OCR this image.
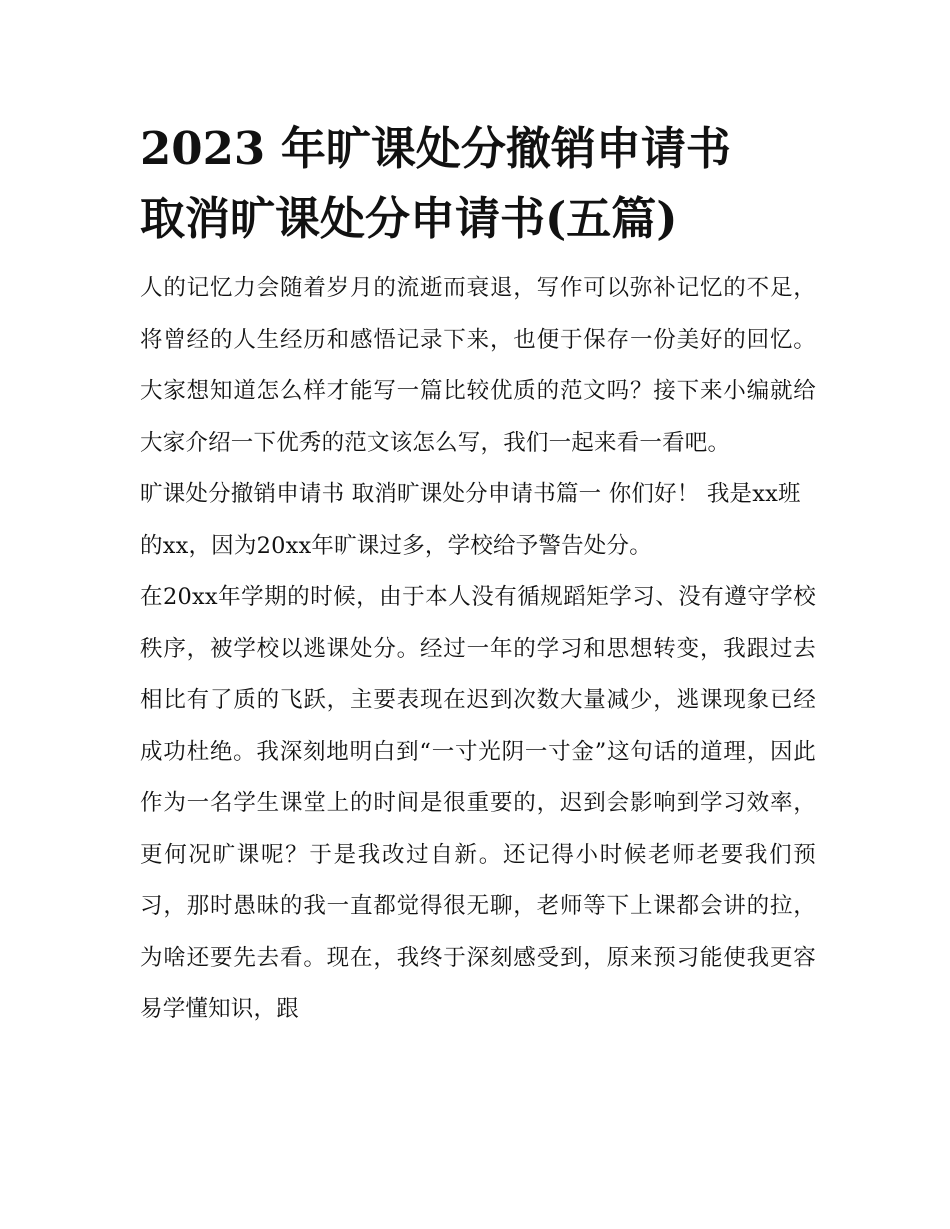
2023 年旷课处分撤销申请书
取消旷课处分申请书(五篇)

人的记忆力会随着岁月的流逝而衰退，写作可以弥补记忆的不足，将曾经的人生经历和感悟记录下来，也便于保存一份美好的回忆。大家想知道怎么样才能写一篇比较优质的范文吗？接下来小编就给大家介绍一下优秀的范文该怎么写，我们一起来看一看吧。

旷课处分撤销申请书 取消旷课处分申请书篇一 你们好！ 我是xx班的xx，因为20xx年旷课过多，学校给予警告处分。

在20xx年学期的时候，由于本人没有循规蹈矩学习、没有遵守学校秩序，被学校以逃课处分。经过一年的学习和思想转变，我跟过去相比有了质的飞跃，主要表现在迟到次数大量减少，逃课现象已经成功杜绝。我深刻地明白到“一寸光阴一寸金”这句话的道理，因此作为一名学生课堂上的时间是很重要的，迟到会影响到学习效率，更何况旷课呢？于是我改过自新。还记得小时候老师老要我们预习，那时愚昧的我一直都觉得很无聊，老师等下上课都会讲的拉，为啥还要先去看。现在，我终于深刻感受到，原来预习能使我更容易学懂知识，跟
